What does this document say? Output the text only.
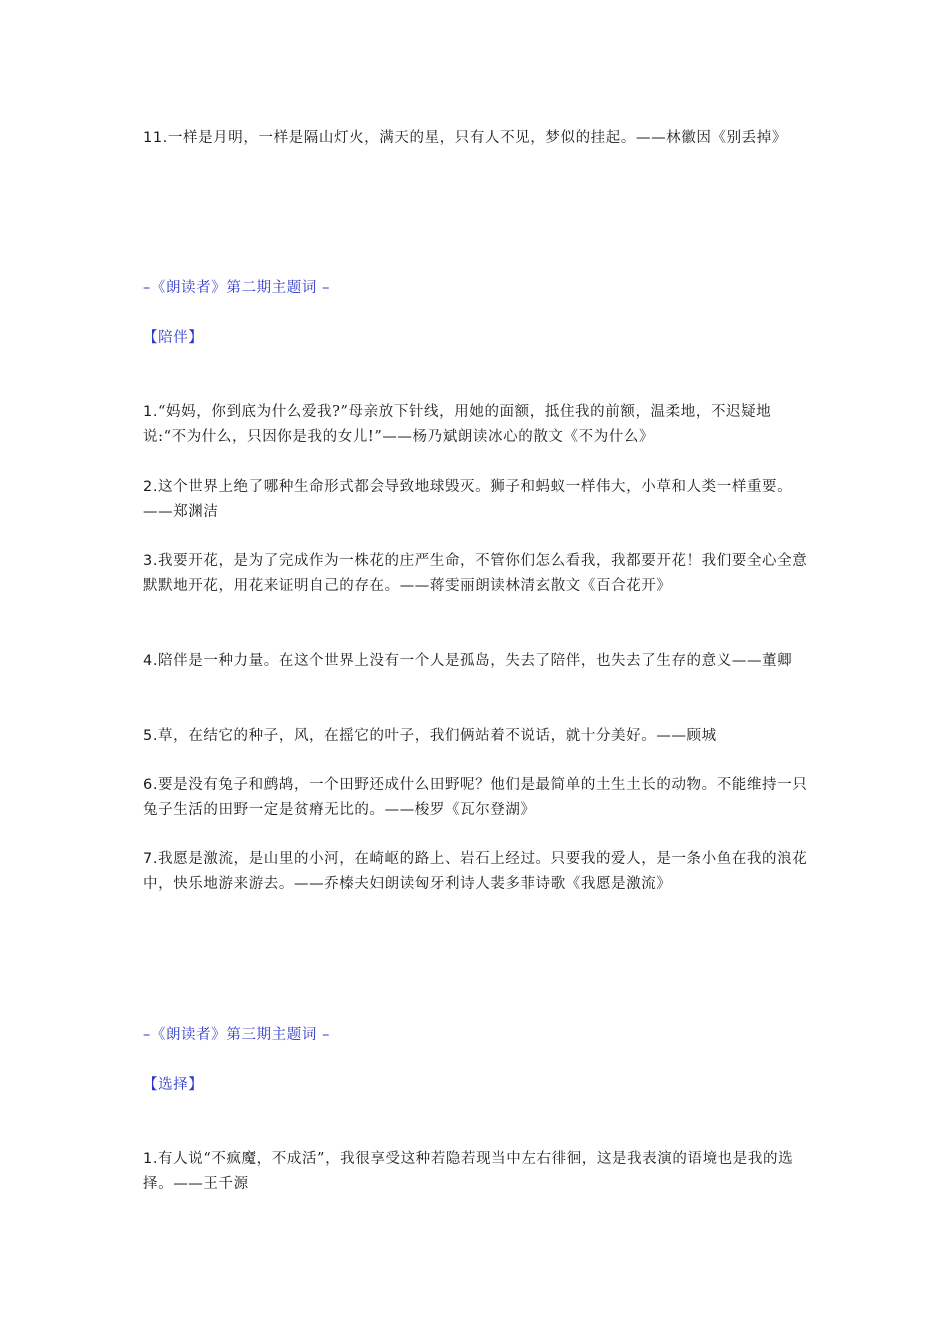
11.一样是月明，一样是隔山灯火，满天的星，只有人不见，梦似的挂起。——林徽因《别丢掉》
–《朗读者》第二期主题词 –
【陪伴】
1.“妈妈，你到底为什么爱我?”母亲放下针线，用她的面额，抵住我的前额，温柔地，不迟疑地说:“不为什么，只因你是我的女儿!”——杨乃斌朗读冰心的散文《不为什么》
2.这个世界上绝了哪种生命形式都会导致地球毁灭。狮子和蚂蚁一样伟大，小草和人类一样重要。——郑渊洁
3.我要开花，是为了完成作为一株花的庄严生命，不管你们怎么看我，我都要开花！我们要全心全意默默地开花，用花来证明自己的存在。——蒋雯丽朗读林清玄散文《百合花开》
4.陪伴是一种力量。在这个世界上没有一个人是孤岛，失去了陪伴，也失去了生存的意义——董卿
5.草，在结它的种子，风，在摇它的叶子，我们俩站着不说话，就十分美好。——顾城
6.要是没有兔子和鹧鸪，一个田野还成什么田野呢？他们是最简单的土生土长的动物。不能维持一只兔子生活的田野一定是贫瘠无比的。——梭罗《瓦尔登湖》
7.我愿是激流，是山里的小河，在崎岖的路上、岩石上经过。只要我的爱人，是一条小鱼在我的浪花中，快乐地游来游去。——乔榛夫妇朗读匈牙利诗人裴多菲诗歌《我愿是激流》
–《朗读者》第三期主题词 –
【选择】
1.有人说“不疯魔，不成活”，我很享受这种若隐若现当中左右徘徊，这是我表演的语境也是我的选择。——王千源
